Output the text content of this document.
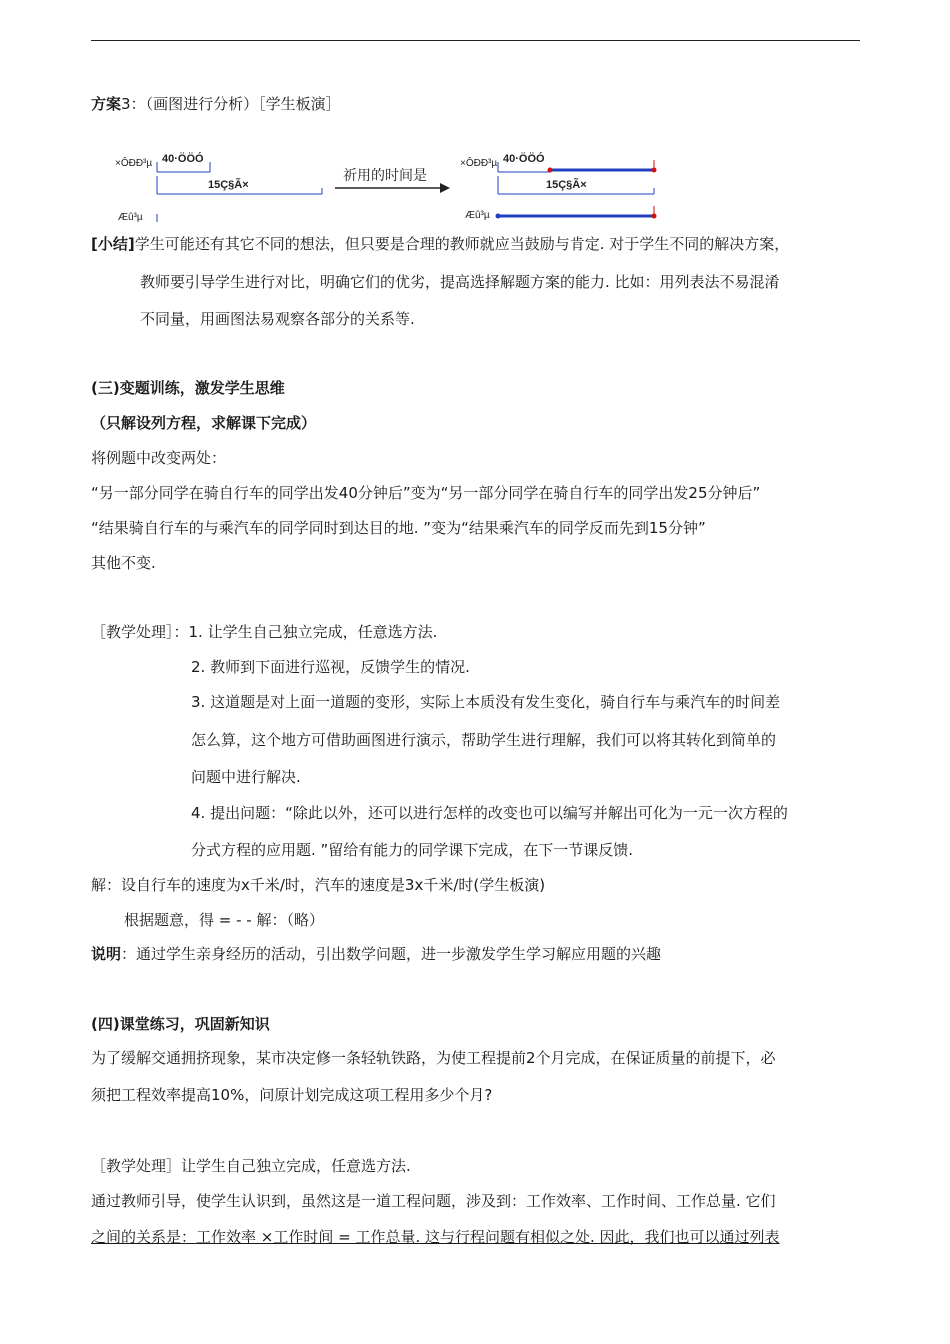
方案3：（画图进行分析）［学生板演］
×ÔÐÐ³µ 40·ÖÖÓ
15Ç§Ã×
Æû³µ
祈用的时间是
×ÔÐÐ³µ 40·ÖÖÓ
15Ç§Ã×
Æû³µ
[小结]学生可能还有其它不同的想法，但只要是合理的教师就应当鼓励与肯定. 对于学生不同的解决方案，
教师要引导学生进行对比，明确它们的优劣，提高选择解题方案的能力. 比如：用列表法不易混淆
不同量，用画图法易观察各部分的关系等.
(三)变题训练，激发学生思维
（只解设列方程，求解课下完成）
将例题中改变两处：
“另一部分同学在骑自行车的同学出发40分钟后”变为“另一部分同学在骑自行车的同学出发25分钟后”
“结果骑自行车的与乘汽车的同学同时到达目的地. ”变为“结果乘汽车的同学反而先到15分钟”
其他不变.
［教学处理］：1. 让学生自己独立完成，任意选方法.
2. 教师到下面进行巡视，反馈学生的情况.
3. 这道题是对上面一道题的变形，实际上本质没有发生变化，骑自行车与乘汽车的时间差
怎么算，这个地方可借助画图进行演示，帮助学生进行理解，我们可以将其转化到简单的
问题中进行解决.
4. 提出问题：“除此以外，还可以进行怎样的改变也可以编写并解出可化为一元一次方程的
分式方程的应用题. ”留给有能力的同学课下完成，在下一节课反馈.
解：设自行车的速度为x千米/时，汽车的速度是3x千米/时(学生板演)
根据题意，得 = - - 解：（略）
说明：通过学生亲身经历的活动，引出数学问题，进一步激发学生学习解应用题的兴趣
(四)课堂练习，巩固新知识
为了缓解交通拥挤现象，某市决定修一条轻轨铁路，为使工程提前2个月完成，在保证质量的前提下，必
须把工程效率提高10%，问原计划完成这项工程用多少个月?
［教学处理］让学生自己独立完成，任意选方法.
通过教师引导，使学生认识到，虽然这是一道工程问题，涉及到：工作效率、工作时间、工作总量. 它们
之间的关系是：工作效率 ×工作时间 = 工作总量. 这与行程问题有相似之处. 因此，我们也可以通过列表
